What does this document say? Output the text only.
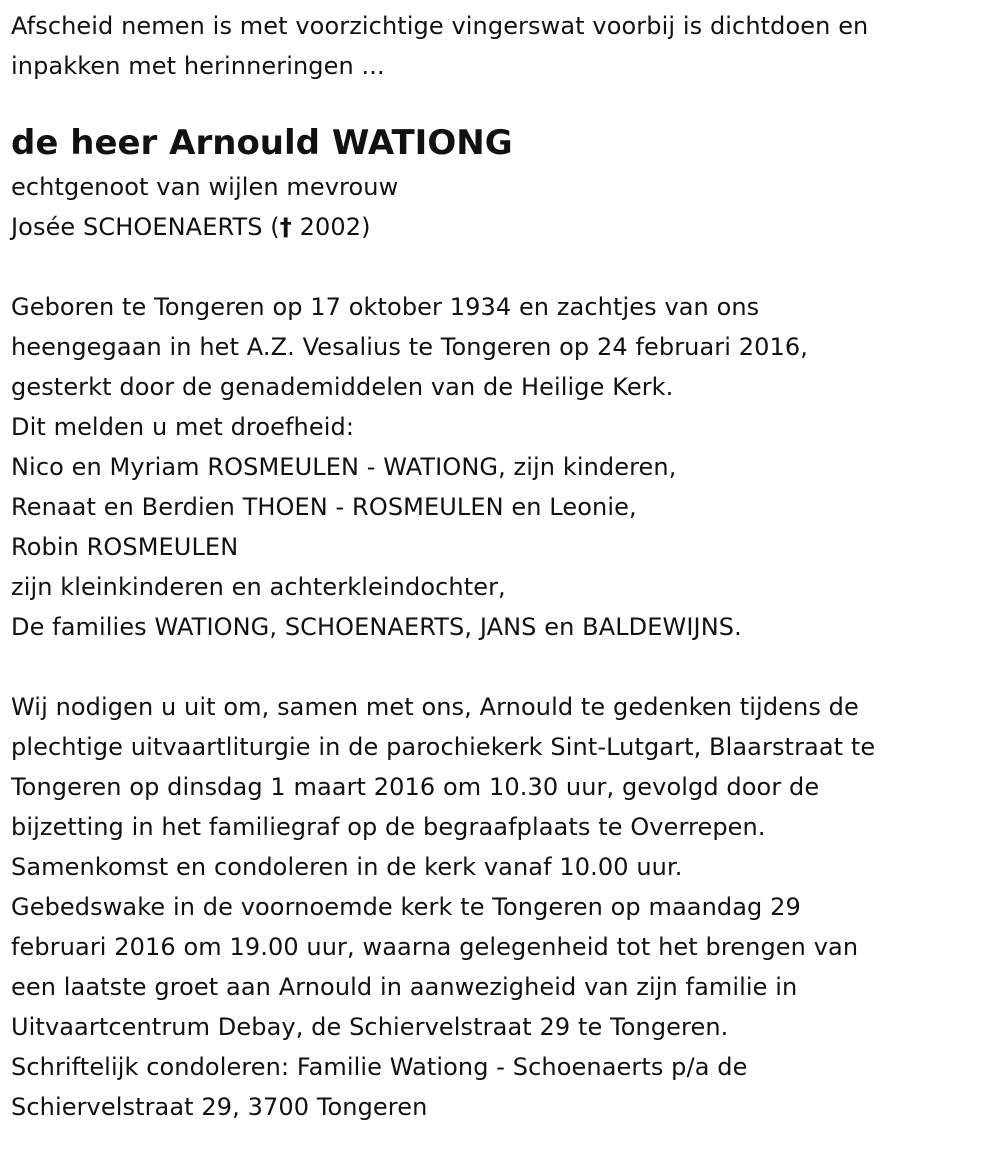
Afscheid nemen is met voorzichtige vingerswat voorbij is dichtdoen en
inpakken met herinneringen ...
de heer Arnould WATIONG
echtgenoot van wijlen mevrouw
Josée SCHOENAERTS († 2002)
Geboren te Tongeren op 17 oktober 1934 en zachtjes van ons
heengegaan in het A.Z. Vesalius te Tongeren op 24 februari 2016,
gesterkt door de genademiddelen van de Heilige Kerk.
Dit melden u met droefheid:
Nico en Myriam ROSMEULEN - WATIONG, zijn kinderen,
Renaat en Berdien THOEN - ROSMEULEN en Leonie,
Robin ROSMEULEN
zijn kleinkinderen en achterkleindochter,
De families WATIONG, SCHOENAERTS, JANS en BALDEWIJNS.
Wij nodigen u uit om, samen met ons, Arnould te gedenken tijdens de
plechtige uitvaartliturgie in de parochiekerk Sint-Lutgart, Blaarstraat te
Tongeren op dinsdag 1 maart 2016 om 10.30 uur, gevolgd door de
bijzetting in het familiegraf op de begraafplaats te Overrepen.
Samenkomst en condoleren in de kerk vanaf 10.00 uur.
Gebedswake in de voornoemde kerk te Tongeren op maandag 29
februari 2016 om 19.00 uur, waarna gelegenheid tot het brengen van
een laatste groet aan Arnould in aanwezigheid van zijn familie in
Uitvaartcentrum Debay, de Schiervelstraat 29 te Tongeren.
Schriftelijk condoleren: Familie Wationg - Schoenaerts p/a de
Schiervelstraat 29, 3700 Tongeren
